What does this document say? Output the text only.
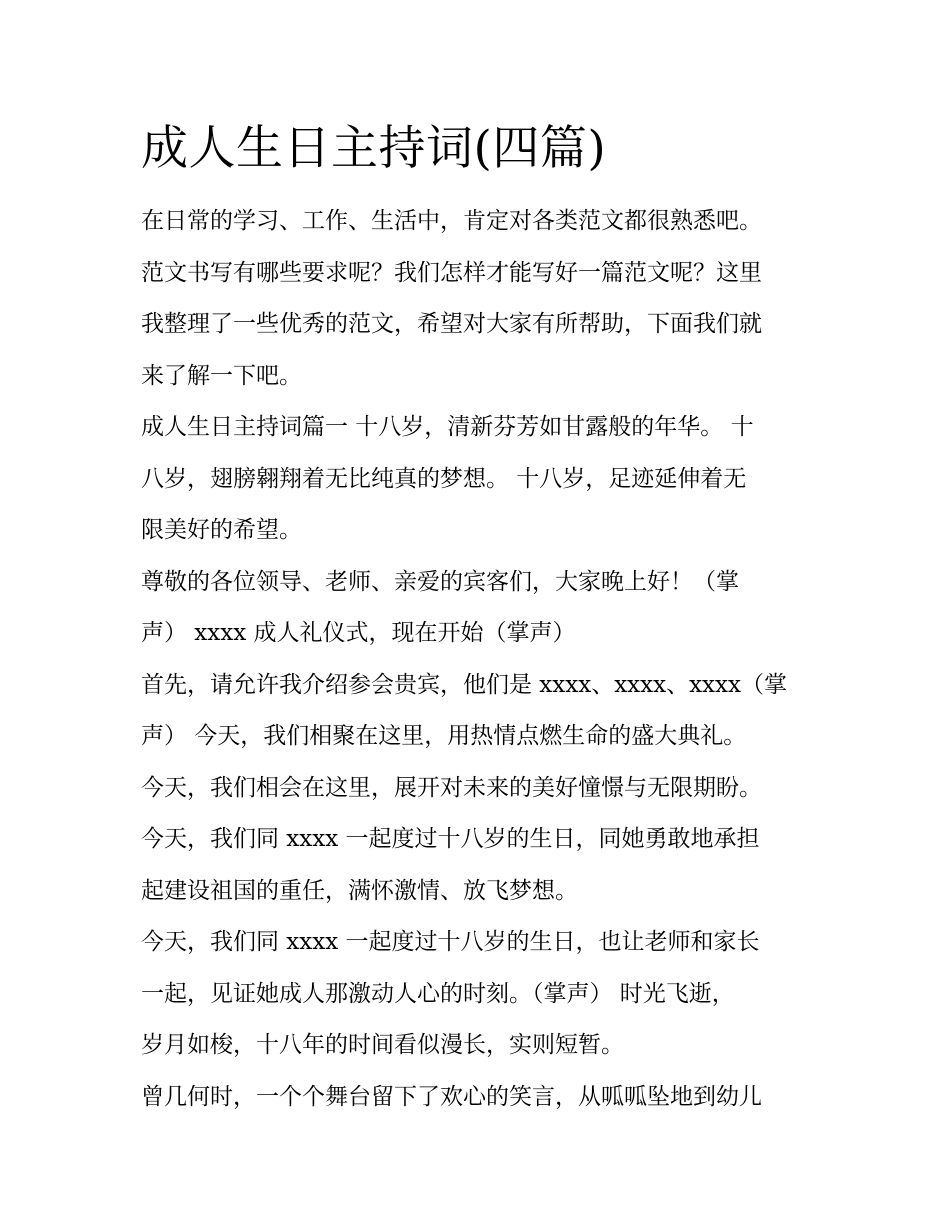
成人生日主持词(四篇)

在日常的学习、工作、生活中，肯定对各类范文都很熟悉吧。
范文书写有哪些要求呢？我们怎样才能写好一篇范文呢？这里
我整理了一些优秀的范文，希望对大家有所帮助，下面我们就
来了解一下吧。

成人生日主持词篇一 十八岁，清新芬芳如甘露般的年华。 十
八岁，翅膀翱翔着无比纯真的梦想。 十八岁，足迹延伸着无
限美好的希望。

尊敬的各位领导、老师、亲爱的宾客们，大家晚上好！（掌
声） xxxx 成人礼仪式，现在开始（掌声）

首先，请允许我介绍参会贵宾，他们是 xxxx、xxxx、xxxx（掌
声） 今天，我们相聚在这里，用热情点燃生命的盛大典礼。

今天，我们相会在这里，展开对未来的美好憧憬与无限期盼。

今天，我们同 xxxx 一起度过十八岁的生日，同她勇敢地承担
起建设祖国的重任，满怀激情、放飞梦想。

今天，我们同 xxxx 一起度过十八岁的生日，也让老师和家长
一起，见证她成人那激动人心的时刻。（掌声） 时光飞逝，
岁月如梭，十八年的时间看似漫长，实则短暂。

曾几何时，一个个舞台留下了欢心的笑言，从呱呱坠地到幼儿
